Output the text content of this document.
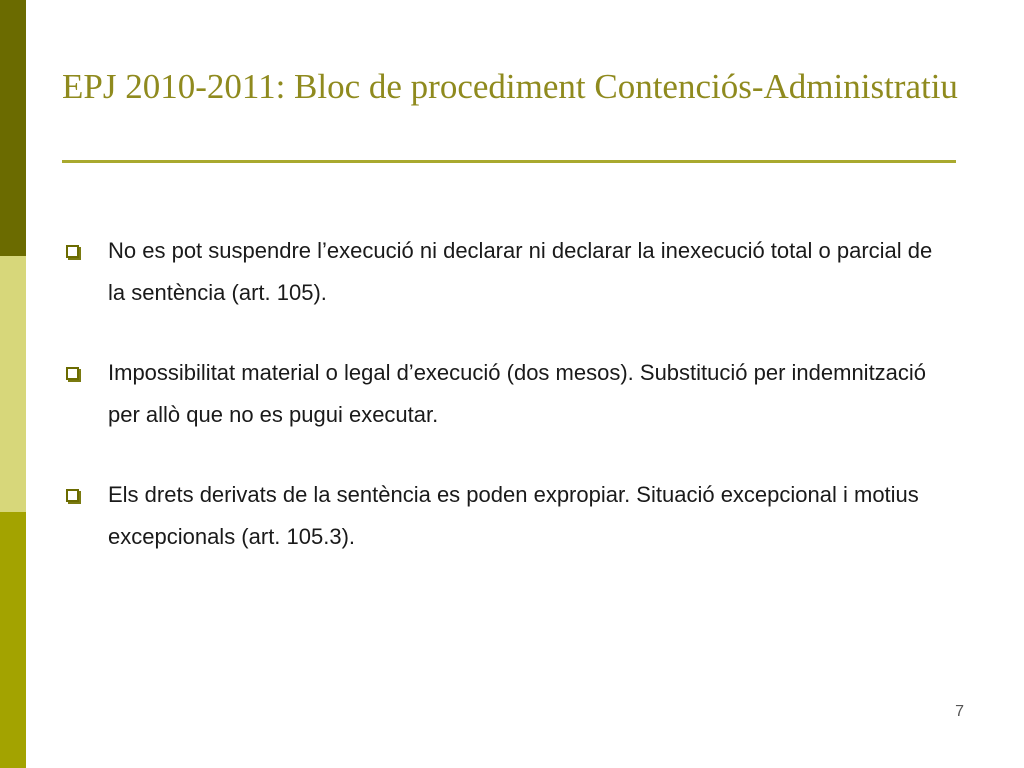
EPJ 2010-2011: Bloc de procediment Contenciós-Administratiu
No es pot suspendre l’execució ni declarar ni declarar la inexecució total o parcial de la sentència (art. 105).
Impossibilitat material o legal d’execució (dos mesos). Substitució per indemnització per allò que no es pugui executar.
Els drets derivats de la sentència es poden expropiar. Situació excepcional i motius excepcionals (art. 105.3).
7
